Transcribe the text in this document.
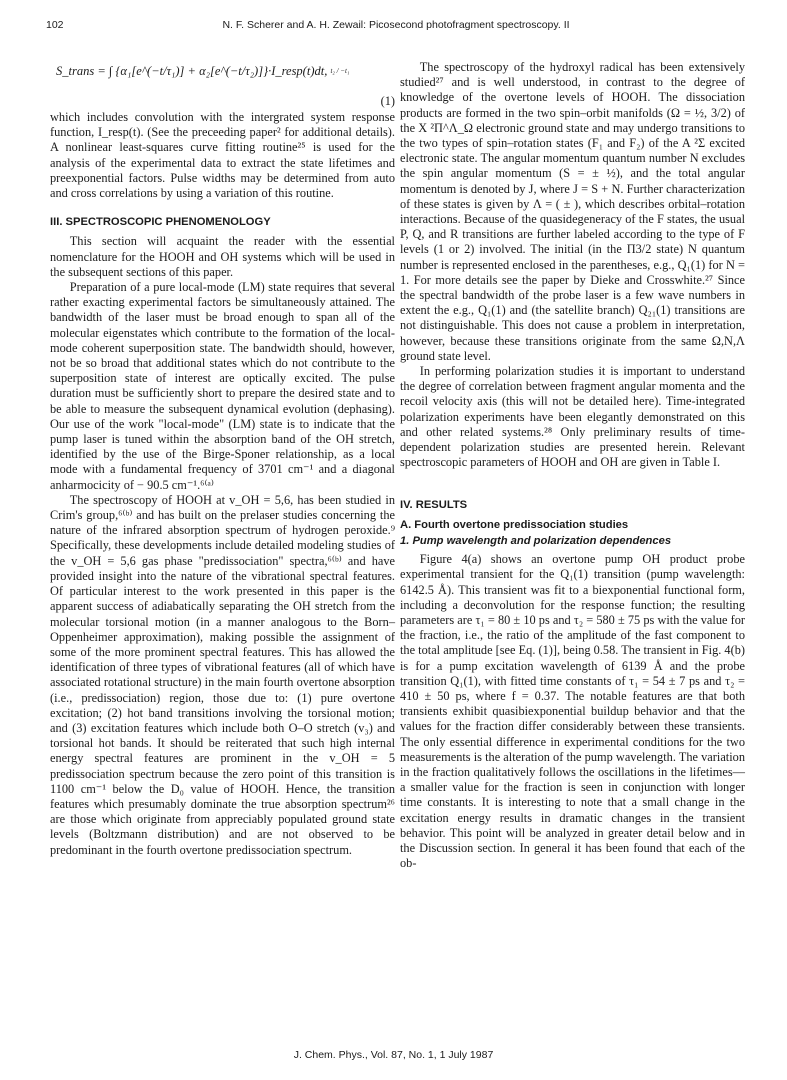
102	N. F. Scherer and A. H. Zewail: Picosecond photofragment spectroscopy. II
S_trans = ∫ {α₁[e^(−t/τ₁)] + α₂[e^(−t/τ₂)]}·I_resp(t)dt, t₂ / −t₁
(1)

which includes convolution with the intergrated system response function, I_resp(t). (See the preceeding paper² for additional details). A nonlinear least-squares curve fitting routine²⁵ is used for the analysis of the experimental data to extract the state lifetimes and preexponential factors. Pulse widths may be determined from auto and cross correlations by using a variation of this routine.

III. SPECTROSCOPIC PHENOMENOLOGY

This section will acquaint the reader with the essential nomenclature for the HOOH and OH systems which will be used in the subsequent sections of this paper.

Preparation of a pure local-mode (LM) state requires that several rather exacting experimental factors be simultaneously attained. The bandwidth of the laser must be broad enough to span all of the molecular eigenstates which contribute to the formation of the local-mode coherent superposition state. The bandwidth should, however, not be so broad that additional states which do not contribute to the superposition state of interest are optically excited. The pulse duration must be sufficiently short to prepare the desired state and to be able to measure the subsequent dynamical evolution (dephasing). Our use of the work "local-mode" (LM) state is to indicate that the pump laser is tuned within the absorption band of the OH stretch, identified by the use of the Birge-Sponer relationship, as a local mode with a fundamental frequency of 3701 cm⁻¹ and a diagonal anharmocicity of − 90.5 cm⁻¹.⁶⁽ᵃ⁾

The spectroscopy of HOOH at v_OH = 5,6, has been studied in Crim's group,⁶⁽ᵇ⁾ and has built on the prelaser studies concerning the nature of the infrared absorption spectrum of hydrogen peroxide.⁹ Specifically, these developments include detailed modeling studies of the v_OH = 5,6 gas phase "predissociation" spectra,⁶⁽ᵇ⁾ and have provided insight into the nature of the vibrational spectral features. Of particular interest to the work presented in this paper is the apparent success of adiabatically separating the OH stretch from the molecular torsional motion (in a manner analogous to the Born–Oppenheimer approximation), making possible the assignment of some of the more prominent spectral features. This has allowed the identification of three types of vibrational features (all of which have associated rotational structure) in the main fourth overtone absorption (i.e., predissociation) region, those due to: (1) pure overtone excitation; (2) hot band transitions involving the torsional motion; and (3) excitation features which include both O–O stretch (v₃) and torsional hot bands. It should be reiterated that such high internal energy spectral features are prominent in the v_OH = 5 predissociation spectrum because the zero point of this transition is 1100 cm⁻¹ below the D₀ value of HOOH. Hence, the transition features which presumably dominate the true absorption spectrum²⁶ are those which originate from appreciably populated ground state levels (Boltzmann distribution) and are not observed to be predominant in the fourth overtone predissociation spectrum.

The spectroscopy of the hydroxyl radical has been extensively studied²⁷ and is well understood, in contrast to the degree of knowledge of the overtone levels of HOOH. The dissociation products are formed in the two spin–orbit manifolds (Ω = ½, 3/2) of the X ²Π^Λ_Ω electronic ground state and may undergo transitions to the two types of spin–rotation states (F₁ and F₂) of the A ²Σ excited electronic state. The angular momentum quantum number N excludes the spin angular momentum (S = ± ½), and the total angular momentum is denoted by J, where J = S + N. Further characterization of these states is given by Λ = ( ± ), which describes orbital–rotation interactions. Because of the quasidegeneracy of the F states, the usual P, Q, and R transitions are further labeled according to the type of F levels (1 or 2) involved. The initial (in the Π3/2 state) N quantum number is represented enclosed in the parentheses, e.g., Q₁(1) for N = 1. For more details see the paper by Dieke and Crosswhite.²⁷ Since the spectral bandwidth of the probe laser is a few wave numbers in extent the e.g., Q₁(1) and (the satellite branch) Q₂₁(1) transitions are not distinguishable. This does not cause a problem in interpretation, however, because these transitions originate from the same Ω,N,Λ ground state level.

In performing polarization studies it is important to understand the degree of correlation between fragment angular momenta and the recoil velocity axis (this will not be detailed here). Time-integrated polarization experiments have been elegantly demonstrated on this and other related systems.²⁸ Only preliminary results of time-dependent polarization studies are presented herein. Relevant spectroscopic parameters of HOOH and OH are given in Table I.

IV. RESULTS
A. Fourth overtone predissociation studies
1. Pump wavelength and polarization dependences

Figure 4(a) shows an overtone pump OH product probe experimental transient for the Q₁(1) transition (pump wavelength: 6142.5 Å). This transient was fit to a biexponential functional form, including a deconvolution for the response function; the resulting parameters are τ₁ = 80 ± 10 ps and τ₂ = 580 ± 75 ps with the value for the fraction, i.e., the ratio of the amplitude of the fast component to the total amplitude [see Eq. (1)], being 0.58. The transient in Fig. 4(b) is for a pump excitation wavelength of 6139 Å and the probe transition Q₁(1), with fitted time constants of τ₁ = 54 ± 7 ps and τ₂ = 410 ± 50 ps, where f = 0.37. The notable features are that both transients exhibit quasibiexponential buildup behavior and that the values for the fraction differ considerably between these transients. The only essential difference in experimental conditions for the two measurements is the alteration of the pump wavelength. The variation in the fraction qualitatively follows the oscillations in the lifetimes—a smaller value for the fraction is seen in conjunction with longer time constants. It is interesting to note that a small change in the excitation energy results in dramatic changes in the transient behavior. This point will be analyzed in greater detail below and in the Discussion section. In general it has been found that each of the ob-

J. Chem. Phys., Vol. 87, No. 1, 1 July 1987
